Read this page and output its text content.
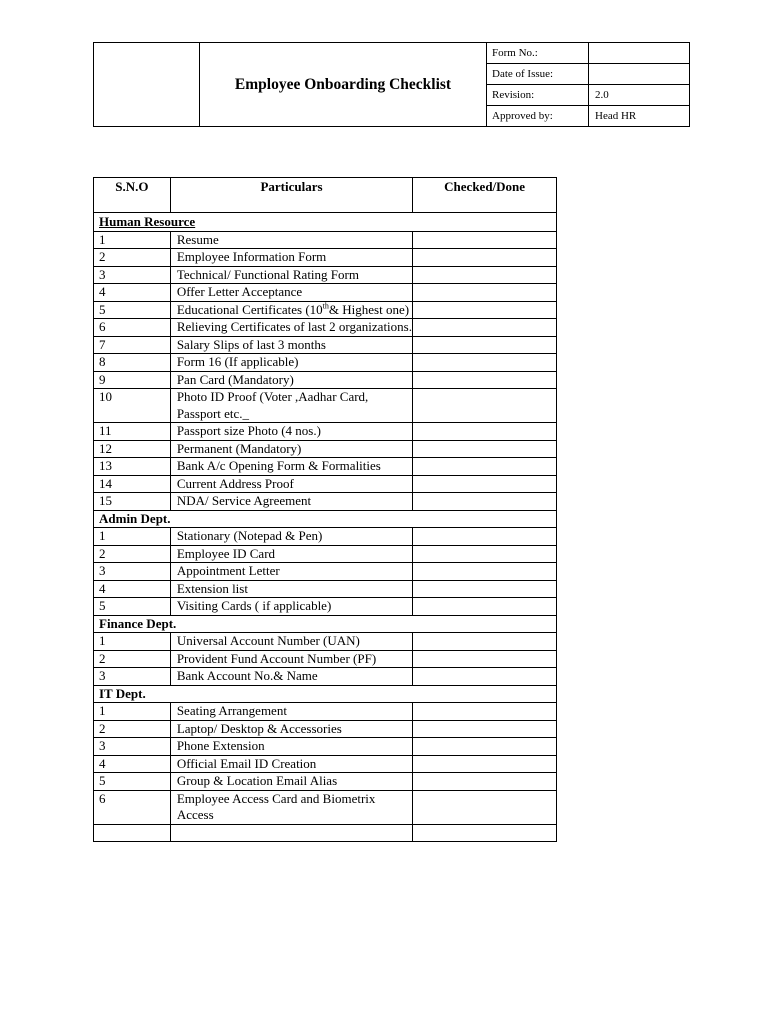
	Employee Onboarding Checklist	Form No.:	
		Date of Issue:	
		Revision:	2.0
		Approved by:	Head HR
S.N.O	Particulars	Checked/Done
Human Resource		
1	Resume	
2	Employee Information Form	
3	Technical/ Functional Rating Form	
4	Offer Letter Acceptance	
5	Educational Certificates (10th& Highest one)	
6	Relieving Certificates of last 2 organizations.	
7	Salary Slips of last 3 months	
8	Form 16 (If applicable)	
9	Pan Card (Mandatory)	
10	Photo ID Proof (Voter ,Aadhar Card, Passport etc._	
11	Passport size Photo (4 nos.)	
12	Permanent (Mandatory)	
13	Bank A/c Opening Form & Formalities	
14	Current Address Proof	
15	NDA/ Service Agreement	
Admin Dept.		
1	Stationary (Notepad & Pen)	
2	Employee ID Card	
3	Appointment Letter	
4	Extension list	
5	Visiting Cards ( if applicable)	
Finance Dept.		
1	Universal Account Number (UAN)	
2	Provident Fund Account Number (PF)	
3	Bank Account No.& Name	
IT Dept.		
1	Seating Arrangement	
2	Laptop/ Desktop & Accessories	
3	Phone Extension	
4	Official Email ID Creation	
5	Group & Location Email Alias	
6	Employee Access Card and Biometrix Access	
